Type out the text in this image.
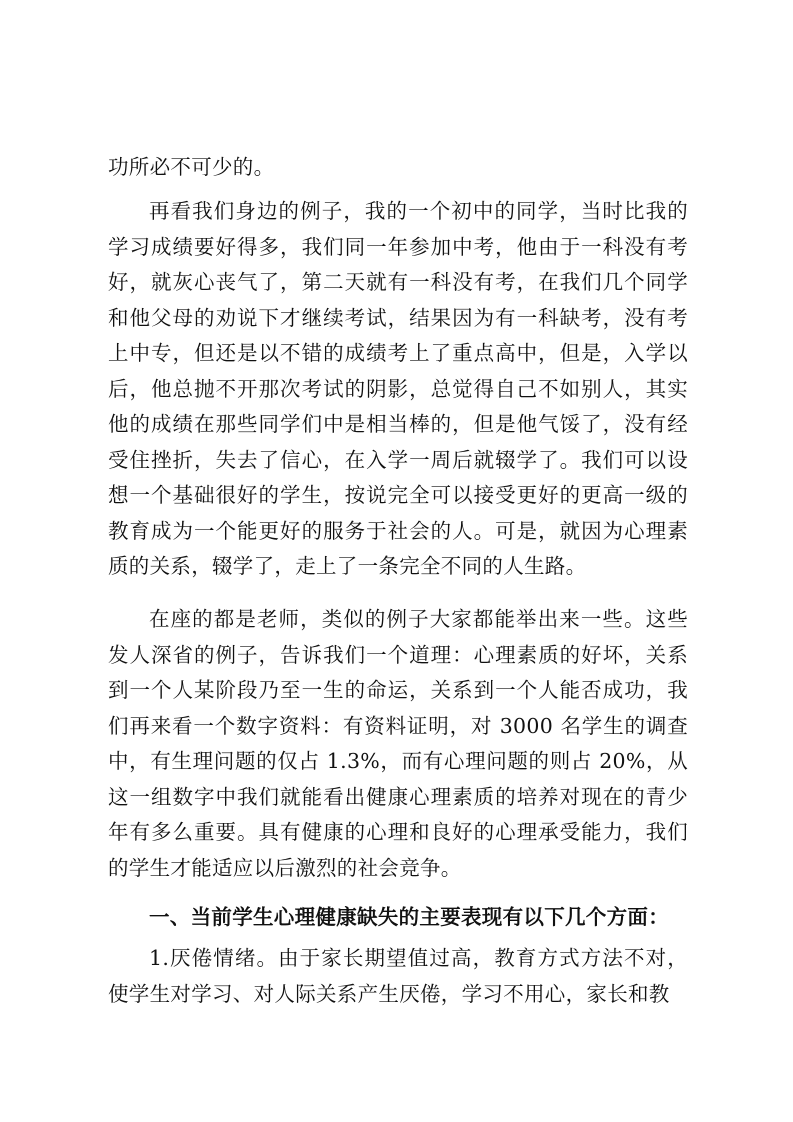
功所必不可少的。

再看我们身边的例子，我的一个初中的同学，当时比我的学习成绩要好得多，我们同一年参加中考，他由于一科没有考好，就灰心丧气了，第二天就有一科没有考，在我们几个同学和他父母的劝说下才继续考试，结果因为有一科缺考，没有考上中专，但还是以不错的成绩考上了重点高中，但是，入学以后，他总抛不开那次考试的阴影，总觉得自己不如别人，其实他的成绩在那些同学们中是相当棒的，但是他气馁了，没有经受住挫折，失去了信心，在入学一周后就辍学了。我们可以设想一个基础很好的学生，按说完全可以接受更好的更高一级的教育成为一个能更好的服务于社会的人。可是，就因为心理素质的关系，辍学了，走上了一条完全不同的人生路。

在座的都是老师，类似的例子大家都能举出来一些。这些发人深省的例子，告诉我们一个道理：心理素质的好坏，关系到一个人某阶段乃至一生的命运，关系到一个人能否成功，我们再来看一个数字资料：有资料证明，对 3000 名学生的调查中，有生理问题的仅占 1.3%，而有心理问题的则占 20%，从这一组数字中我们就能看出健康心理素质的培养对现在的青少年有多么重要。具有健康的心理和良好的心理承受能力，我们的学生才能适应以后激烈的社会竞争。

一、当前学生心理健康缺失的主要表现有以下几个方面：

1.厌倦情绪。由于家长期望值过高，教育方式方法不对，使学生对学习、对人际关系产生厌倦，学习不用心，家长和教
